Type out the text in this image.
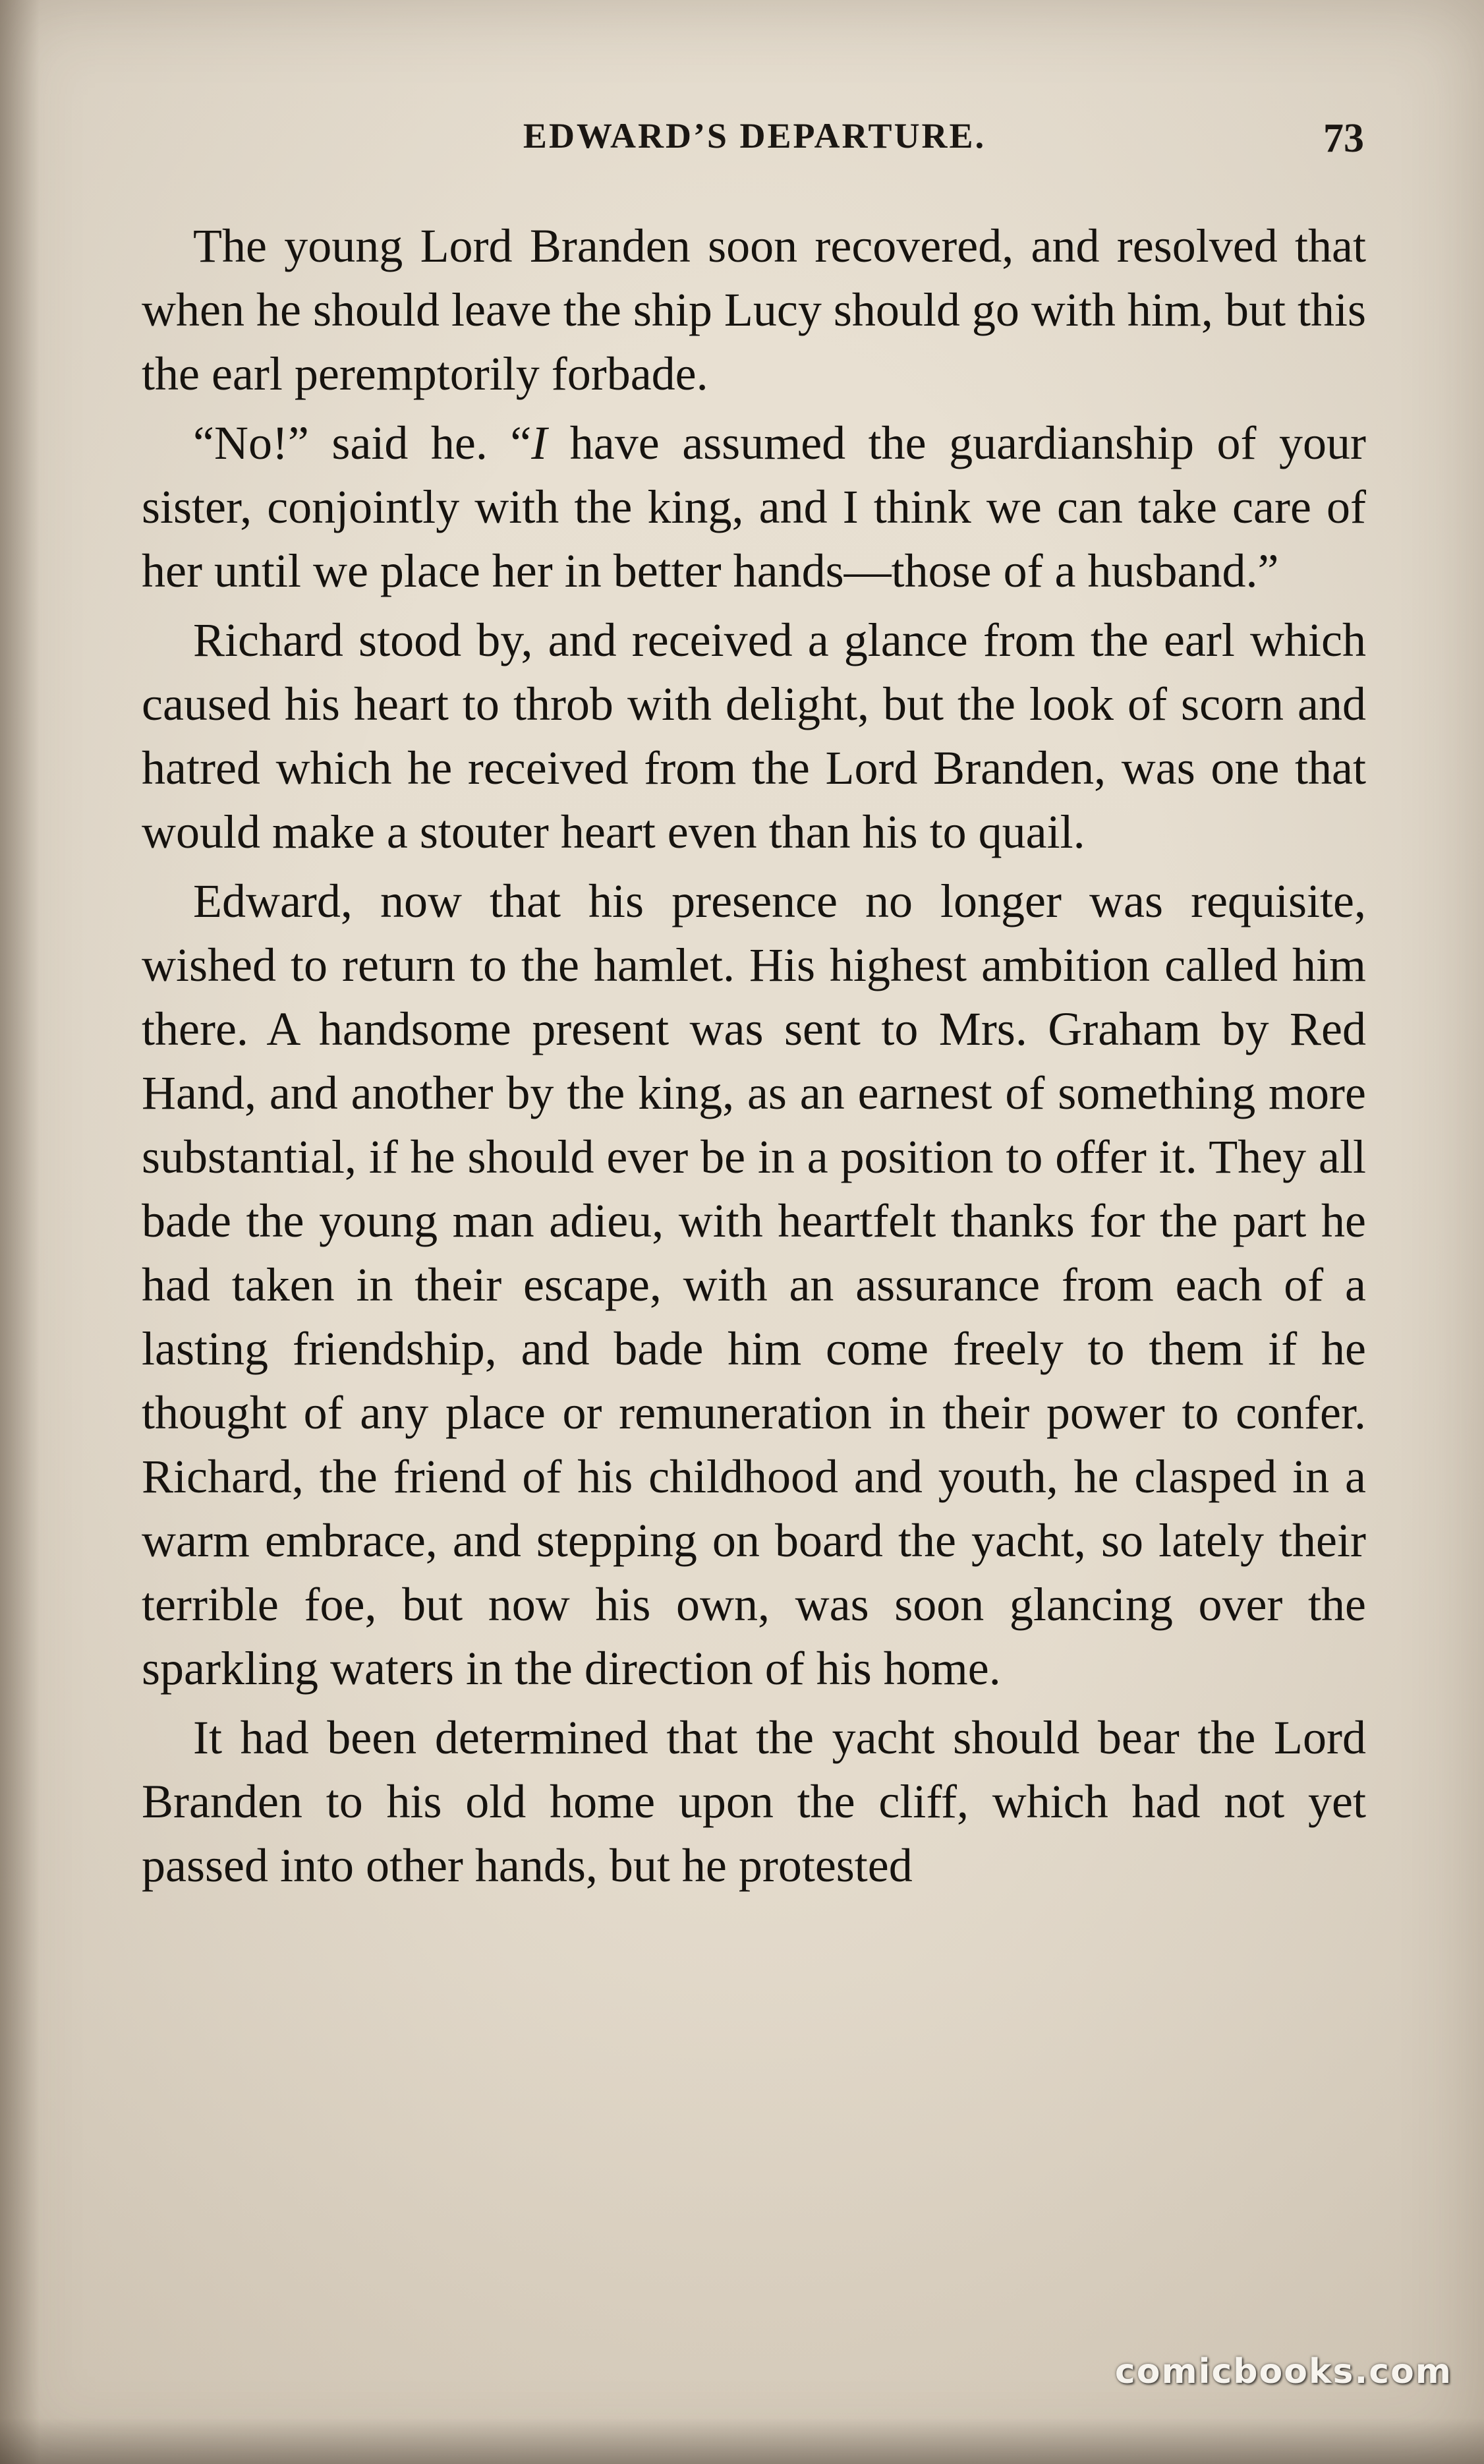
EDWARD’S DEPARTURE.	73

The young Lord Branden soon recovered, and resolved that when he should leave the ship Lucy should go with him, but this the earl peremptorily forbade.

“No!” said he. “I have assumed the guardianship of your sister, conjointly with the king, and I think we can take care of her until we place her in better hands—those of a husband.”

Richard stood by, and received a glance from the earl which caused his heart to throb with delight, but the look of scorn and hatred which he received from the Lord Branden, was one that would make a stouter heart even than his to quail.

Edward, now that his presence no longer was requisite, wished to return to the hamlet. His highest ambition called him there. A handsome present was sent to Mrs. Graham by Red Hand, and another by the king, as an earnest of something more substantial, if he should ever be in a position to offer it. They all bade the young man adieu, with heartfelt thanks for the part he had taken in their escape, with an assurance from each of a lasting friendship, and bade him come freely to them if he thought of any place or remuneration in their power to confer. Richard, the friend of his childhood and youth, he clasped in a warm embrace, and stepping on board the yacht, so lately their terrible foe, but now his own, was soon glancing over the sparkling waters in the direction of his home.

It had been determined that the yacht should bear the Lord Branden to his old home upon the cliff, which had not yet passed into other hands, but he protested

comicbooks.com
